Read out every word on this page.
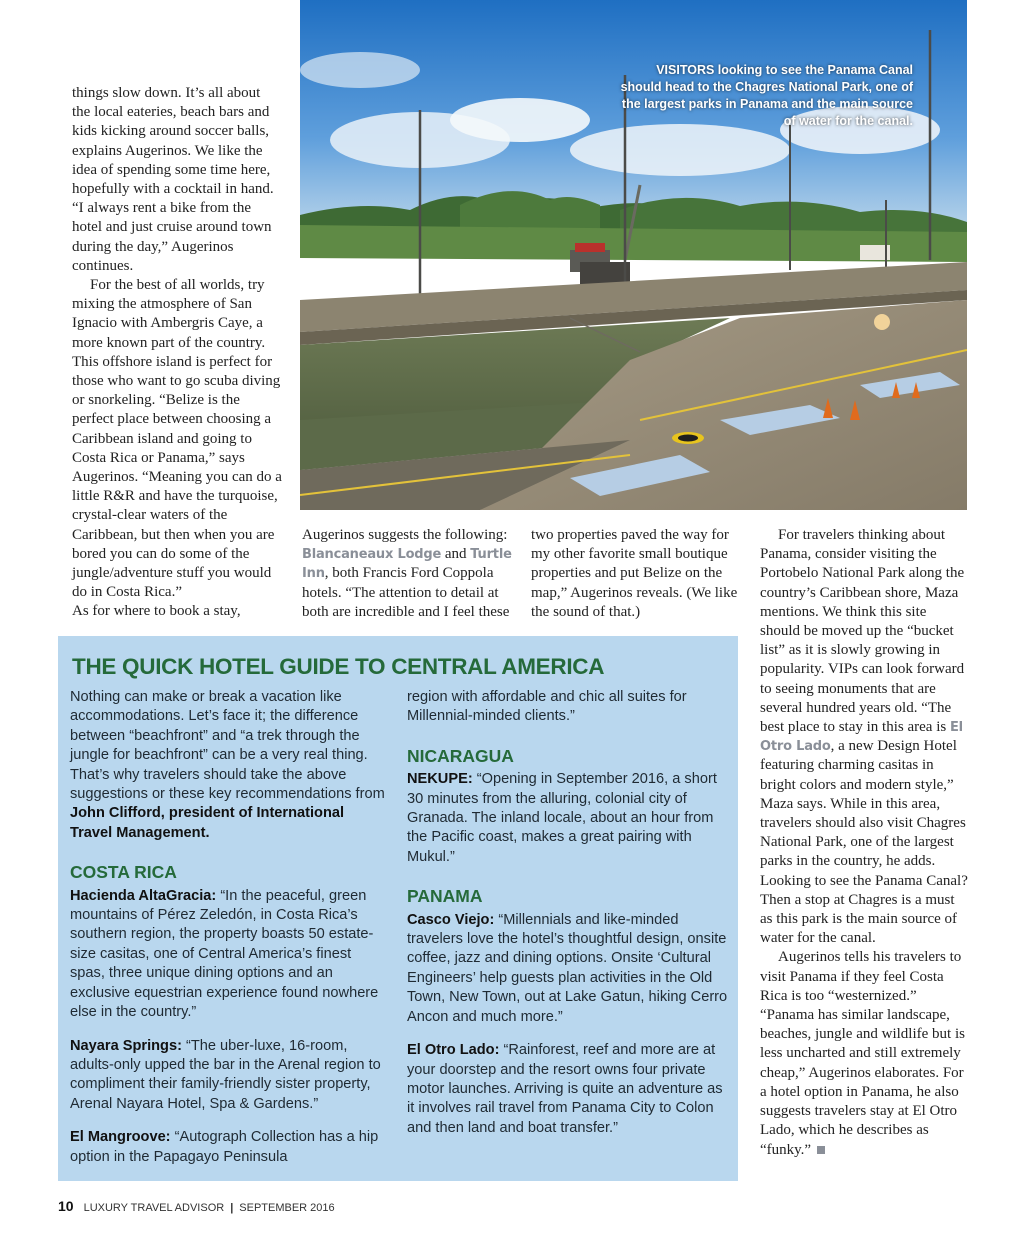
things slow down. It’s all about the local eateries, beach bars and kids kicking around soccer balls, explains Augerinos. We like the idea of spending some time here, hopefully with a cocktail in hand. “I always rent a bike from the hotel and just cruise around town during the day,” Augerinos continues.

For the best of all worlds, try mixing the atmosphere of San Ignacio with Ambergris Caye, a more known part of the country. This offshore island is perfect for those who want to go scuba diving or snorkeling. “Belize is the perfect place between choosing a Caribbean island and going to Costa Rica or Panama,” says Augerinos. “Meaning you can do a little R&R and have the turquoise, crystal-clear waters of the Caribbean, but then when you are bored you can do some of the jungle/adventure stuff you would do in Costa Rica.”

As for where to book a stay,

VISITORS looking to see the Panama Canal should head to the Chagres National Park, one of the largest parks in Panama and the main source of water for the canal.

Augerinos suggests the following: Blancaneaux Lodge and Turtle Inn, both Francis Ford Coppola hotels. “The attention to detail at both are incredible and I feel these

two properties paved the way for my other favorite small boutique properties and put Belize on the map,” Augerinos reveals. (We like the sound of that.)

For travelers thinking about Panama, consider visiting the Portobelo National Park along the country’s Caribbean shore, Maza mentions. We think this site should be moved up the “bucket list” as it is slowly growing in popularity. VIPs can look forward to seeing monuments that are several hundred years old. “The best place to stay in this area is El Otro Lado, a new Design Hotel featuring charming casitas in bright colors and modern style,” Maza says. While in this area, travelers should also visit Chagres National Park, one of the largest parks in the country, he adds. Looking to see the Panama Canal? Then a stop at Chagres is a must as this park is the main source of water for the canal.

Augerinos tells his travelers to visit Panama if they feel Costa Rica is too “westernized.” “Panama has similar landscape, beaches, jungle and wildlife but is less uncharted and still extremely cheap,” Augerinos elaborates. For a hotel option in Panama, he also suggests travelers stay at El Otro Lado, which he describes as “funky.”

THE QUICK HOTEL GUIDE TO CENTRAL AMERICA

Nothing can make or break a vacation like accommodations. Let’s face it; the difference between “beachfront” and “a trek through the jungle for beachfront” can be a very real thing. That’s why travelers should take the above suggestions or these key recommendations from John Clifford, president of International Travel Management.

COSTA RICA

Hacienda AltaGracia: “In the peaceful, green mountains of Pérez Zeledón, in Costa Rica’s southern region, the property boasts 50 estate-size casitas, one of Central America’s finest spas, three unique dining options and an exclusive equestrian experience found nowhere else in the country.”

Nayara Springs: “The uber-luxe, 16-room, adults-only upped the bar in the Arenal region to compliment their family-friendly sister property, Arenal Nayara Hotel, Spa & Gardens.”

El Mangroove: “Autograph Collection has a hip option in the Papagayo Peninsula

region with affordable and chic all suites for Millennial-minded clients.”

NICARAGUA

NEKUPE: “Opening in September 2016, a short 30 minutes from the alluring, colonial city of Granada. The inland locale, about an hour from the Pacific coast, makes a great pairing with Mukul.”

PANAMA

Casco Viejo: “Millennials and like-minded travelers love the hotel’s thoughtful design, onsite coffee, jazz and dining options. Onsite ‘Cultural Engineers’ help guests plan activities in the Old Town, New Town, out at Lake Gatun, hiking Cerro Ancon and much more.”

El Otro Lado: “Rainforest, reef and more are at your doorstep and the resort owns four private motor launches. Arriving is quite an adventure as it involves rail travel from Panama City to Colon and then land and boat transfer.”

10 LUXURY TRAVEL ADVISOR | SEPTEMBER 2016
